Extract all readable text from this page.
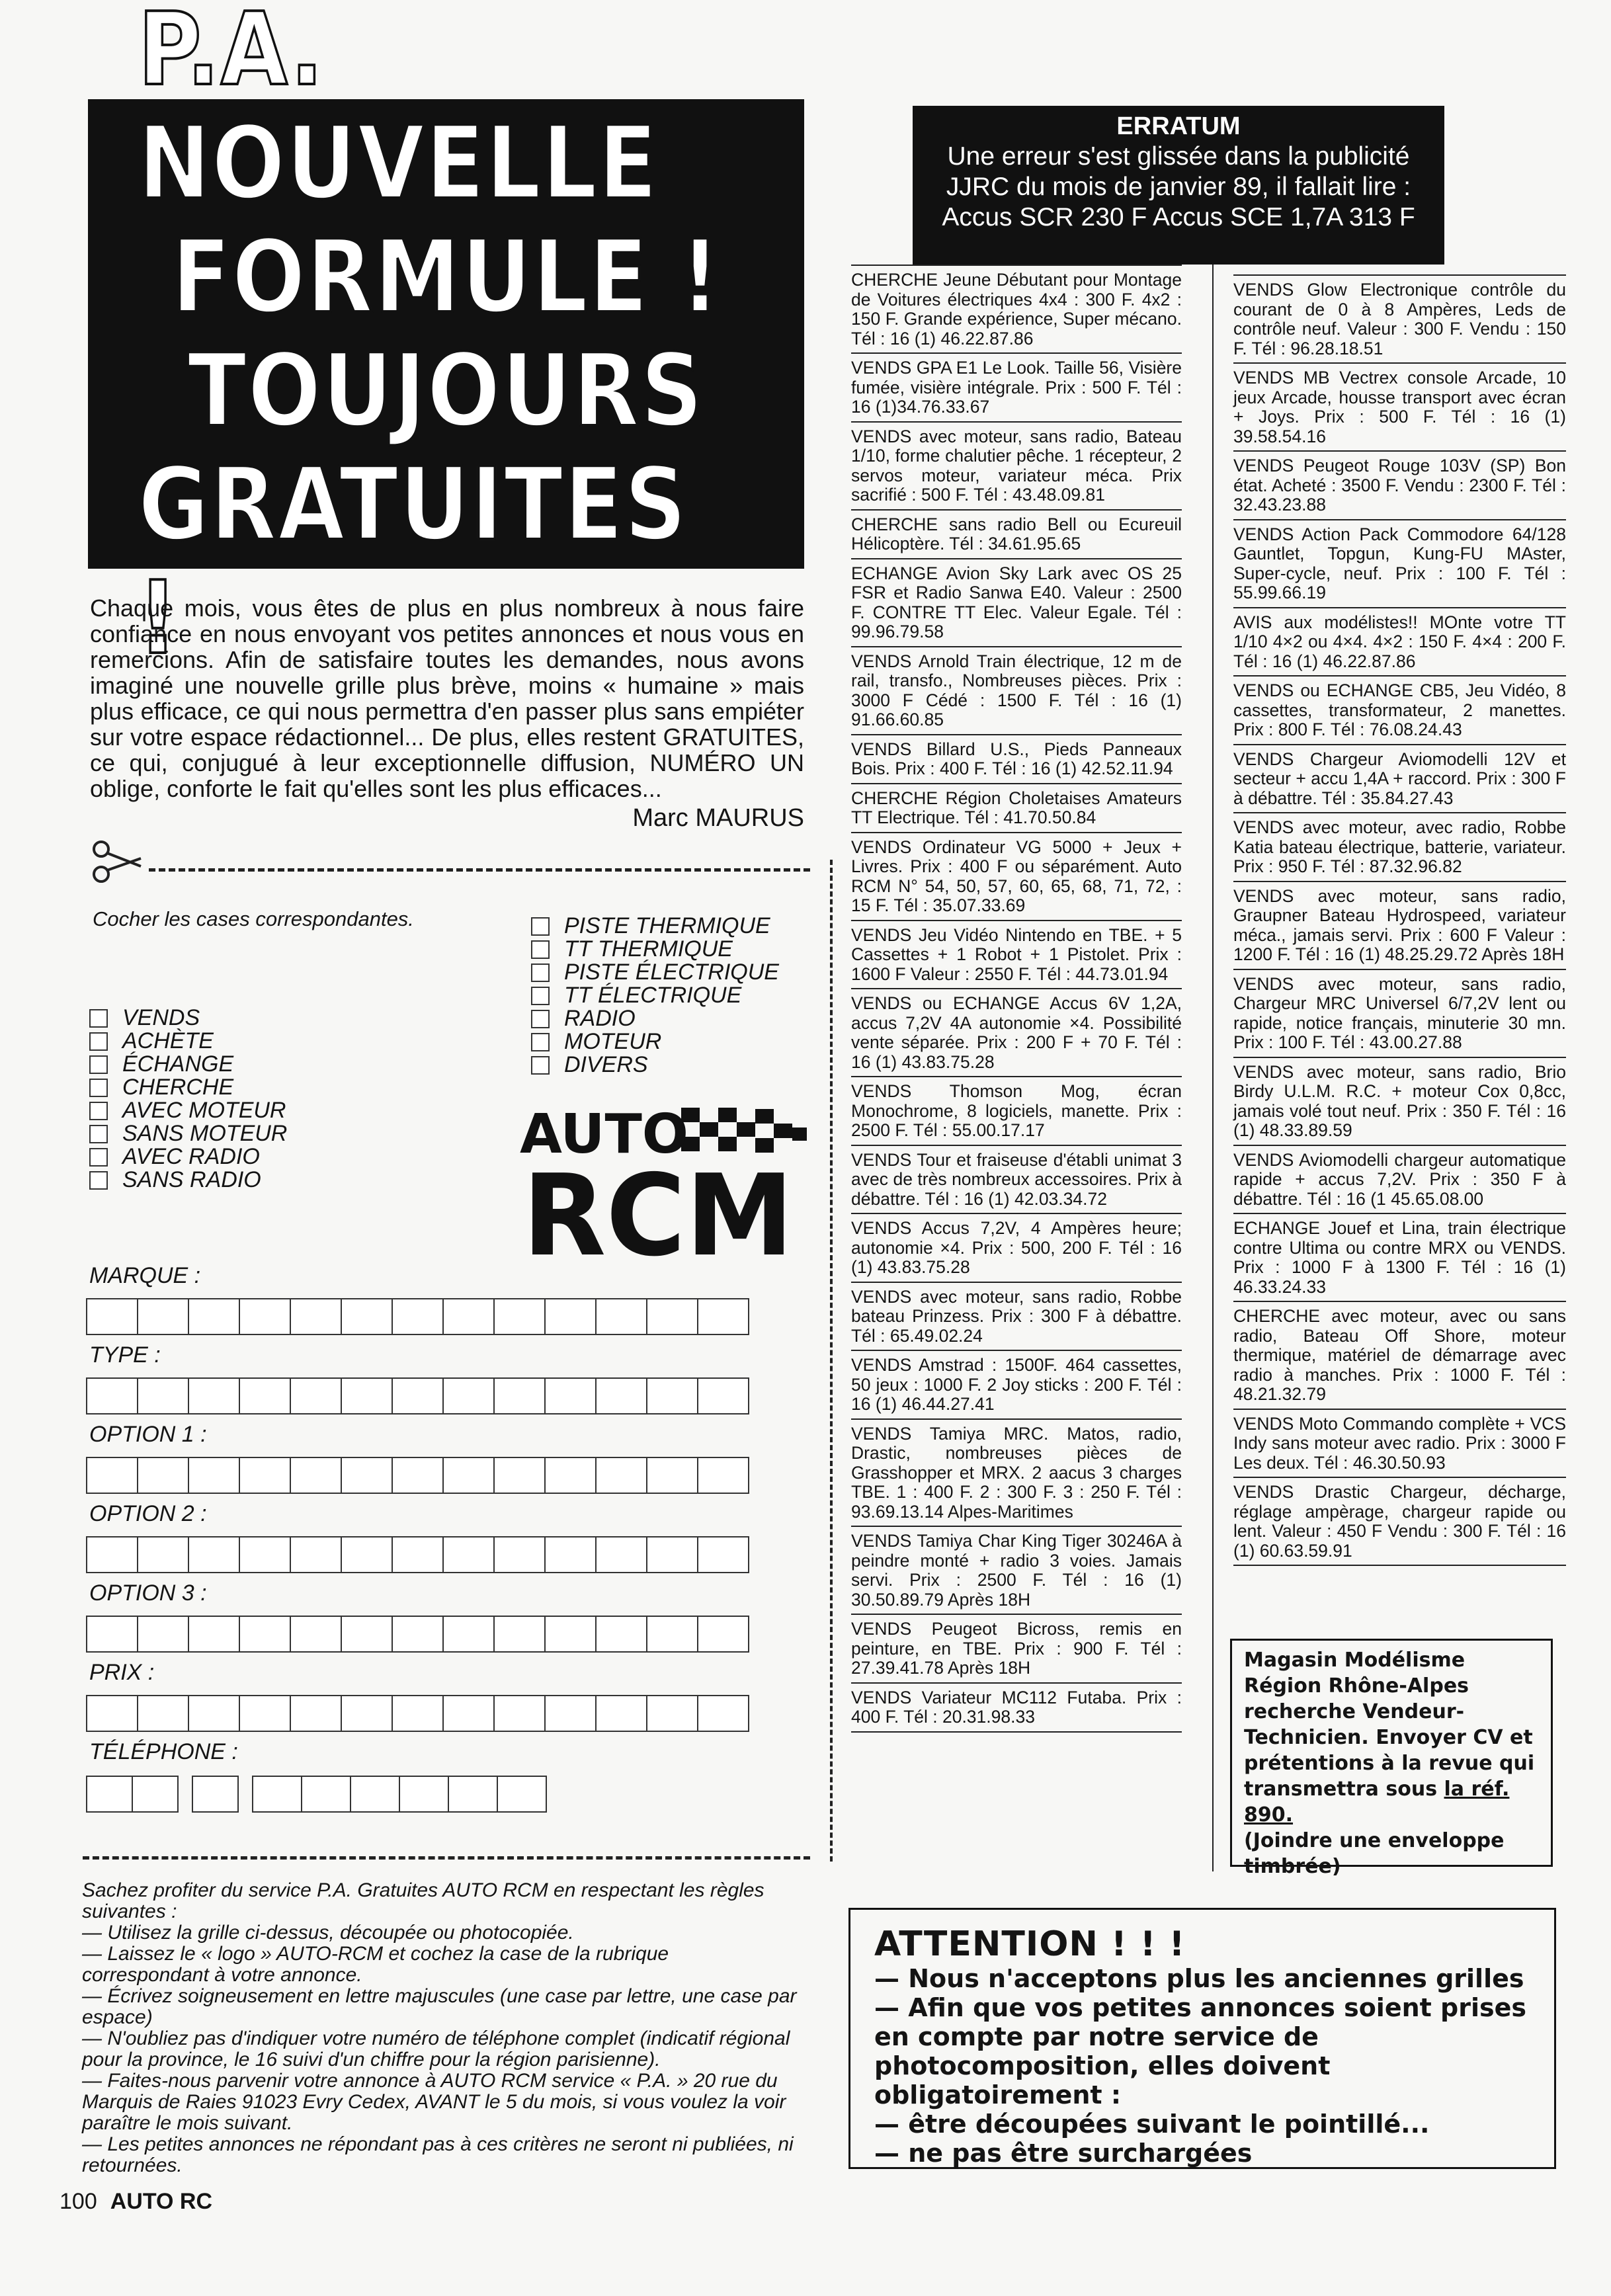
P.A. NOUVELLE
FORMULE !
TOUJOURS
GRATUITES !
Chaque mois, vous êtes de plus en plus nombreux à nous faire confiance en nous envoyant vos petites annonces et nous vous en remercions. Afin de satisfaire toutes les demandes, nous avons imaginé une nouvelle grille plus brève, moins « humaine » mais plus efficace, ce qui nous permettra d'en passer plus sans empiéter sur votre espace rédactionnel... De plus, elles restent GRATUITES, ce qui, conjugué à leur exceptionnelle diffusion, NUMÉRO UN oblige, conforte le fait qu'elles sont les plus efficaces...
Marc MAURUS
Cocher les cases correspondantes.
VENDS
ACHÈTE
ÉCHANGE
CHERCHE
AVEC MOTEUR
SANS MOTEUR
AVEC RADIO
SANS RADIO
PISTE THERMIQUE
TT THERMIQUE
PISTE ÉLECTRIQUE
TT ÉLECTRIQUE
RADIO
MOTEUR
DIVERS
AUTO
RCM
MARQUE :
TYPE :
OPTION 1 :
OPTION 2 :
OPTION 3 :
PRIX :
TÉLÉPHONE :

Sachez profiter du service P.A. Gratuites AUTO RCM en respectant les règles suivantes :

— Utilisez la grille ci-dessus, découpée ou photocopiée.

— Laissez le « logo » AUTO-RCM et cochez la case de la rubrique correspondant à votre annonce.

— Écrivez soigneusement en lettre majuscules (une case par lettre, une case par espace)

— N'oubliez pas d'indiquer votre numéro de téléphone complet (indicatif régional pour la province, le 16 suivi d'un chiffre pour la région parisienne).

— Faites-nous parvenir votre annonce à AUTO RCM service « P.A. » 20 rue du Marquis de Raies 91023 Evry Cedex, AVANT le 5 du mois, si vous voulez la voir paraître le mois suivant.

— Les petites annonces ne répondant pas à ces critères ne seront ni publiées, ni retournées.

100 AUTO RC
ERRATUM
Une erreur s'est glissée dans la publicité
JJRC du mois de janvier 89, il fallait lire :
Accus SCR 230 F Accus SCE 1,7A 313 F
CHERCHE Jeune Débutant pour Montage de Voitures électriques 4x4 : 300 F. 4x2 : 150 F. Grande expérience, Super mécano. Tél : 16 (1) 46.22.87.86
VENDS GPA E1 Le Look. Taille 56, Visière fumée, visière intégrale. Prix : 500 F. Tél : 16 (1)34.76.33.67
VENDS avec moteur, sans radio, Bateau 1/10, forme chalutier pêche. 1 récepteur, 2 servos moteur, variateur méca. Prix sacrifié : 500 F. Tél : 43.48.09.81
CHERCHE sans radio Bell ou Ecureuil Hélicoptère. Tél : 34.61.95.65
ECHANGE Avion Sky Lark avec OS 25 FSR et Radio Sanwa E40. Valeur : 2500 F. CONTRE TT Elec. Valeur Egale. Tél : 99.96.79.58
VENDS Arnold Train électrique, 12 m de rail, transfo., Nombreuses pièces. Prix : 3000 F Cédé : 1500 F. Tél : 16 (1) 91.66.60.85
VENDS Billard U.S., Pieds Panneaux Bois. Prix : 400 F. Tél : 16 (1) 42.52.11.94
CHERCHE Région Choletaises Amateurs TT Electrique. Tél : 41.70.50.84
VENDS Ordinateur VG 5000 + Jeux + Livres. Prix : 400 F ou séparément. Auto RCM N° 54, 50, 57, 60, 65, 68, 71, 72, : 15 F. Tél : 35.07.33.69
VENDS Jeu Vidéo Nintendo en TBE. + 5 Cassettes + 1 Robot + 1 Pistolet. Prix : 1600 F Valeur : 2550 F. Tél : 44.73.01.94
VENDS ou ECHANGE Accus 6V 1,2A, accus 7,2V 4A autonomie ×4. Possibilité vente séparée. Prix : 200 F + 70 F. Tél : 16 (1) 43.83.75.28
VENDS Thomson Mog, écran Monochrome, 8 logiciels, manette. Prix : 2500 F. Tél : 55.00.17.17
VENDS Tour et fraiseuse d'établi unimat 3 avec de très nombreux accessoires. Prix à débattre. Tél : 16 (1) 42.03.34.72
VENDS Accus 7,2V, 4 Ampères heure; autonomie ×4. Prix : 500, 200 F. Tél : 16 (1) 43.83.75.28
VENDS avec moteur, sans radio, Robbe bateau Prinzess. Prix : 300 F à débattre. Tél : 65.49.02.24
VENDS Amstrad : 1500F. 464 cassettes, 50 jeux : 1000 F. 2 Joy sticks : 200 F. Tél : 16 (1) 46.44.27.41
VENDS Tamiya MRC. Matos, radio, Drastic, nombreuses pièces de Grasshopper et MRX. 2 aacus 3 charges TBE. 1 : 400 F. 2 : 300 F. 3 : 250 F. Tél : 93.69.13.14 Alpes-Maritimes
VENDS Tamiya Char King Tiger 30246A à peindre monté + radio 3 voies. Jamais servi. Prix : 2500 F. Tél : 16 (1) 30.50.89.79 Après 18H
VENDS Peugeot Bicross, remis en peinture, en TBE. Prix : 900 F. Tél : 27.39.41.78 Après 18H
VENDS Variateur MC112 Futaba. Prix : 400 F. Tél : 20.31.98.33
VENDS Glow Electronique contrôle du courant de 0 à 8 Ampères, Leds de contrôle neuf. Valeur : 300 F. Vendu : 150 F. Tél : 96.28.18.51
VENDS MB Vectrex console Arcade, 10 jeux Arcade, housse transport avec écran + Joys. Prix : 500 F. Tél : 16 (1) 39.58.54.16
VENDS Peugeot Rouge 103V (SP) Bon état. Acheté : 3500 F. Vendu : 2300 F. Tél : 32.43.23.88
VENDS Action Pack Commodore 64/128 Gauntlet, Topgun, Kung-FU MAster, Super-cycle, neuf. Prix : 100 F. Tél : 55.99.66.19
AVIS aux modélistes!! MOnte votre TT 1/10 4×2 ou 4×4. 4×2 : 150 F. 4×4 : 200 F. Tél : 16 (1) 46.22.87.86
VENDS ou ECHANGE CB5, Jeu Vidéo, 8 cassettes, transformateur, 2 manettes. Prix : 800 F. Tél : 76.08.24.43
VENDS Chargeur Aviomodelli 12V et secteur + accu 1,4A + raccord. Prix : 300 F à débattre. Tél : 35.84.27.43
VENDS avec moteur, avec radio, Robbe Katia bateau électrique, batterie, variateur. Prix : 950 F. Tél : 87.32.96.82
VENDS avec moteur, sans radio, Graupner Bateau Hydrospeed, variateur méca., jamais servi. Prix : 600 F Valeur : 1200 F. Tél : 16 (1) 48.25.29.72 Après 18H
VENDS avec moteur, sans radio, Chargeur MRC Universel 6/7,2V lent ou rapide, notice français, minuterie 30 mn. Prix : 100 F. Tél : 43.00.27.88
VENDS avec moteur, sans radio, Brio Birdy U.L.M. R.C. + moteur Cox 0,8cc, jamais volé tout neuf. Prix : 350 F. Tél : 16 (1) 48.33.89.59
VENDS Aviomodelli chargeur automatique rapide + accus 7,2V. Prix : 350 F à débattre. Tél : 16 (1 45.65.08.00
ECHANGE Jouef et Lina, train électrique contre Ultima ou contre MRX ou VENDS. Prix : 1000 F à 1300 F. Tél : 16 (1) 46.33.24.33
CHERCHE avec moteur, avec ou sans radio, Bateau Off Shore, moteur thermique, matériel de démarrage avec radio à manches. Prix : 1000 F. Tél : 48.21.32.79
VENDS Moto Commando complète + VCS Indy sans moteur avec radio. Prix : 3000 F Les deux. Tél : 46.30.50.93
VENDS Drastic Chargeur, décharge, réglage ampèrage, chargeur rapide ou lent. Valeur : 450 F Vendu : 300 F. Tél : 16 (1) 60.63.59.91
Magasin Modélisme Région Rhône-Alpes recherche Vendeur-Technicien. Envoyer CV et prétentions à la revue qui transmettra sous la réf. 890.
(Joindre une enveloppe timbrée)
ATTENTION ! ! !
— Nous n'acceptons plus les anciennes grilles
— Afin que vos petites annonces soient prises en compte par notre service de photocomposition, elles doivent obligatoirement :
— être découpées suivant le pointillé...
— ne pas être surchargées
